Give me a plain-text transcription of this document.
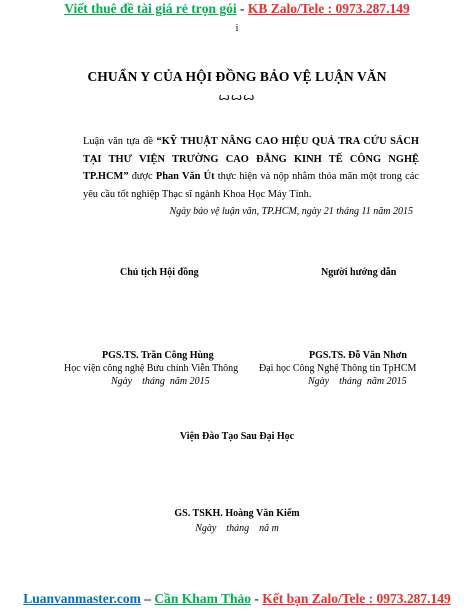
Viết thuê đề tài giá rẻ trọn gói - KB Zalo/Tele : 0973.287.149
i
CHUẨN Y CỦA HỘI ĐỒNG BẢO VỆ LUẬN VĂN
ꙍꙍꙍ
Luận văn tựa đề “KỸ THUẬT NÂNG CAO HIỆU QUẢ TRA CỨU SÁCH TẠI THƯ VIỆN TRƯỜNG CAO ĐẲNG KINH TẾ CÔNG NGHỆ TP.HCM” được Phan Văn Út thực hiện và nộp nhằm thỏa mãn một trong các yêu cầu tốt nghiệp Thạc sĩ ngành Khoa Học Máy Tính.
Ngày bảo vệ luận văn, TP.HCM, ngày 21 tháng 11 năm 2015
Chủ tịch Hội đồng	Người hướng dẫn
PGS.TS. Trần Công Hùng
Học viện công nghệ Bưu chính Viễn Thông
Ngày    tháng  năm 2015
PGS.TS. Đỗ Văn Nhơn
Đại học Công Nghệ Thông tin TpHCM
Ngày    tháng  năm 2015
Viện Đào Tạo Sau Đại Học
GS. TSKH. Hoàng Văn Kiếm
Ngày    tháng    nă m
Luanvanmaster.com – Cần Kham Thảo - Kết bạn Zalo/Tele : 0973.287.149
